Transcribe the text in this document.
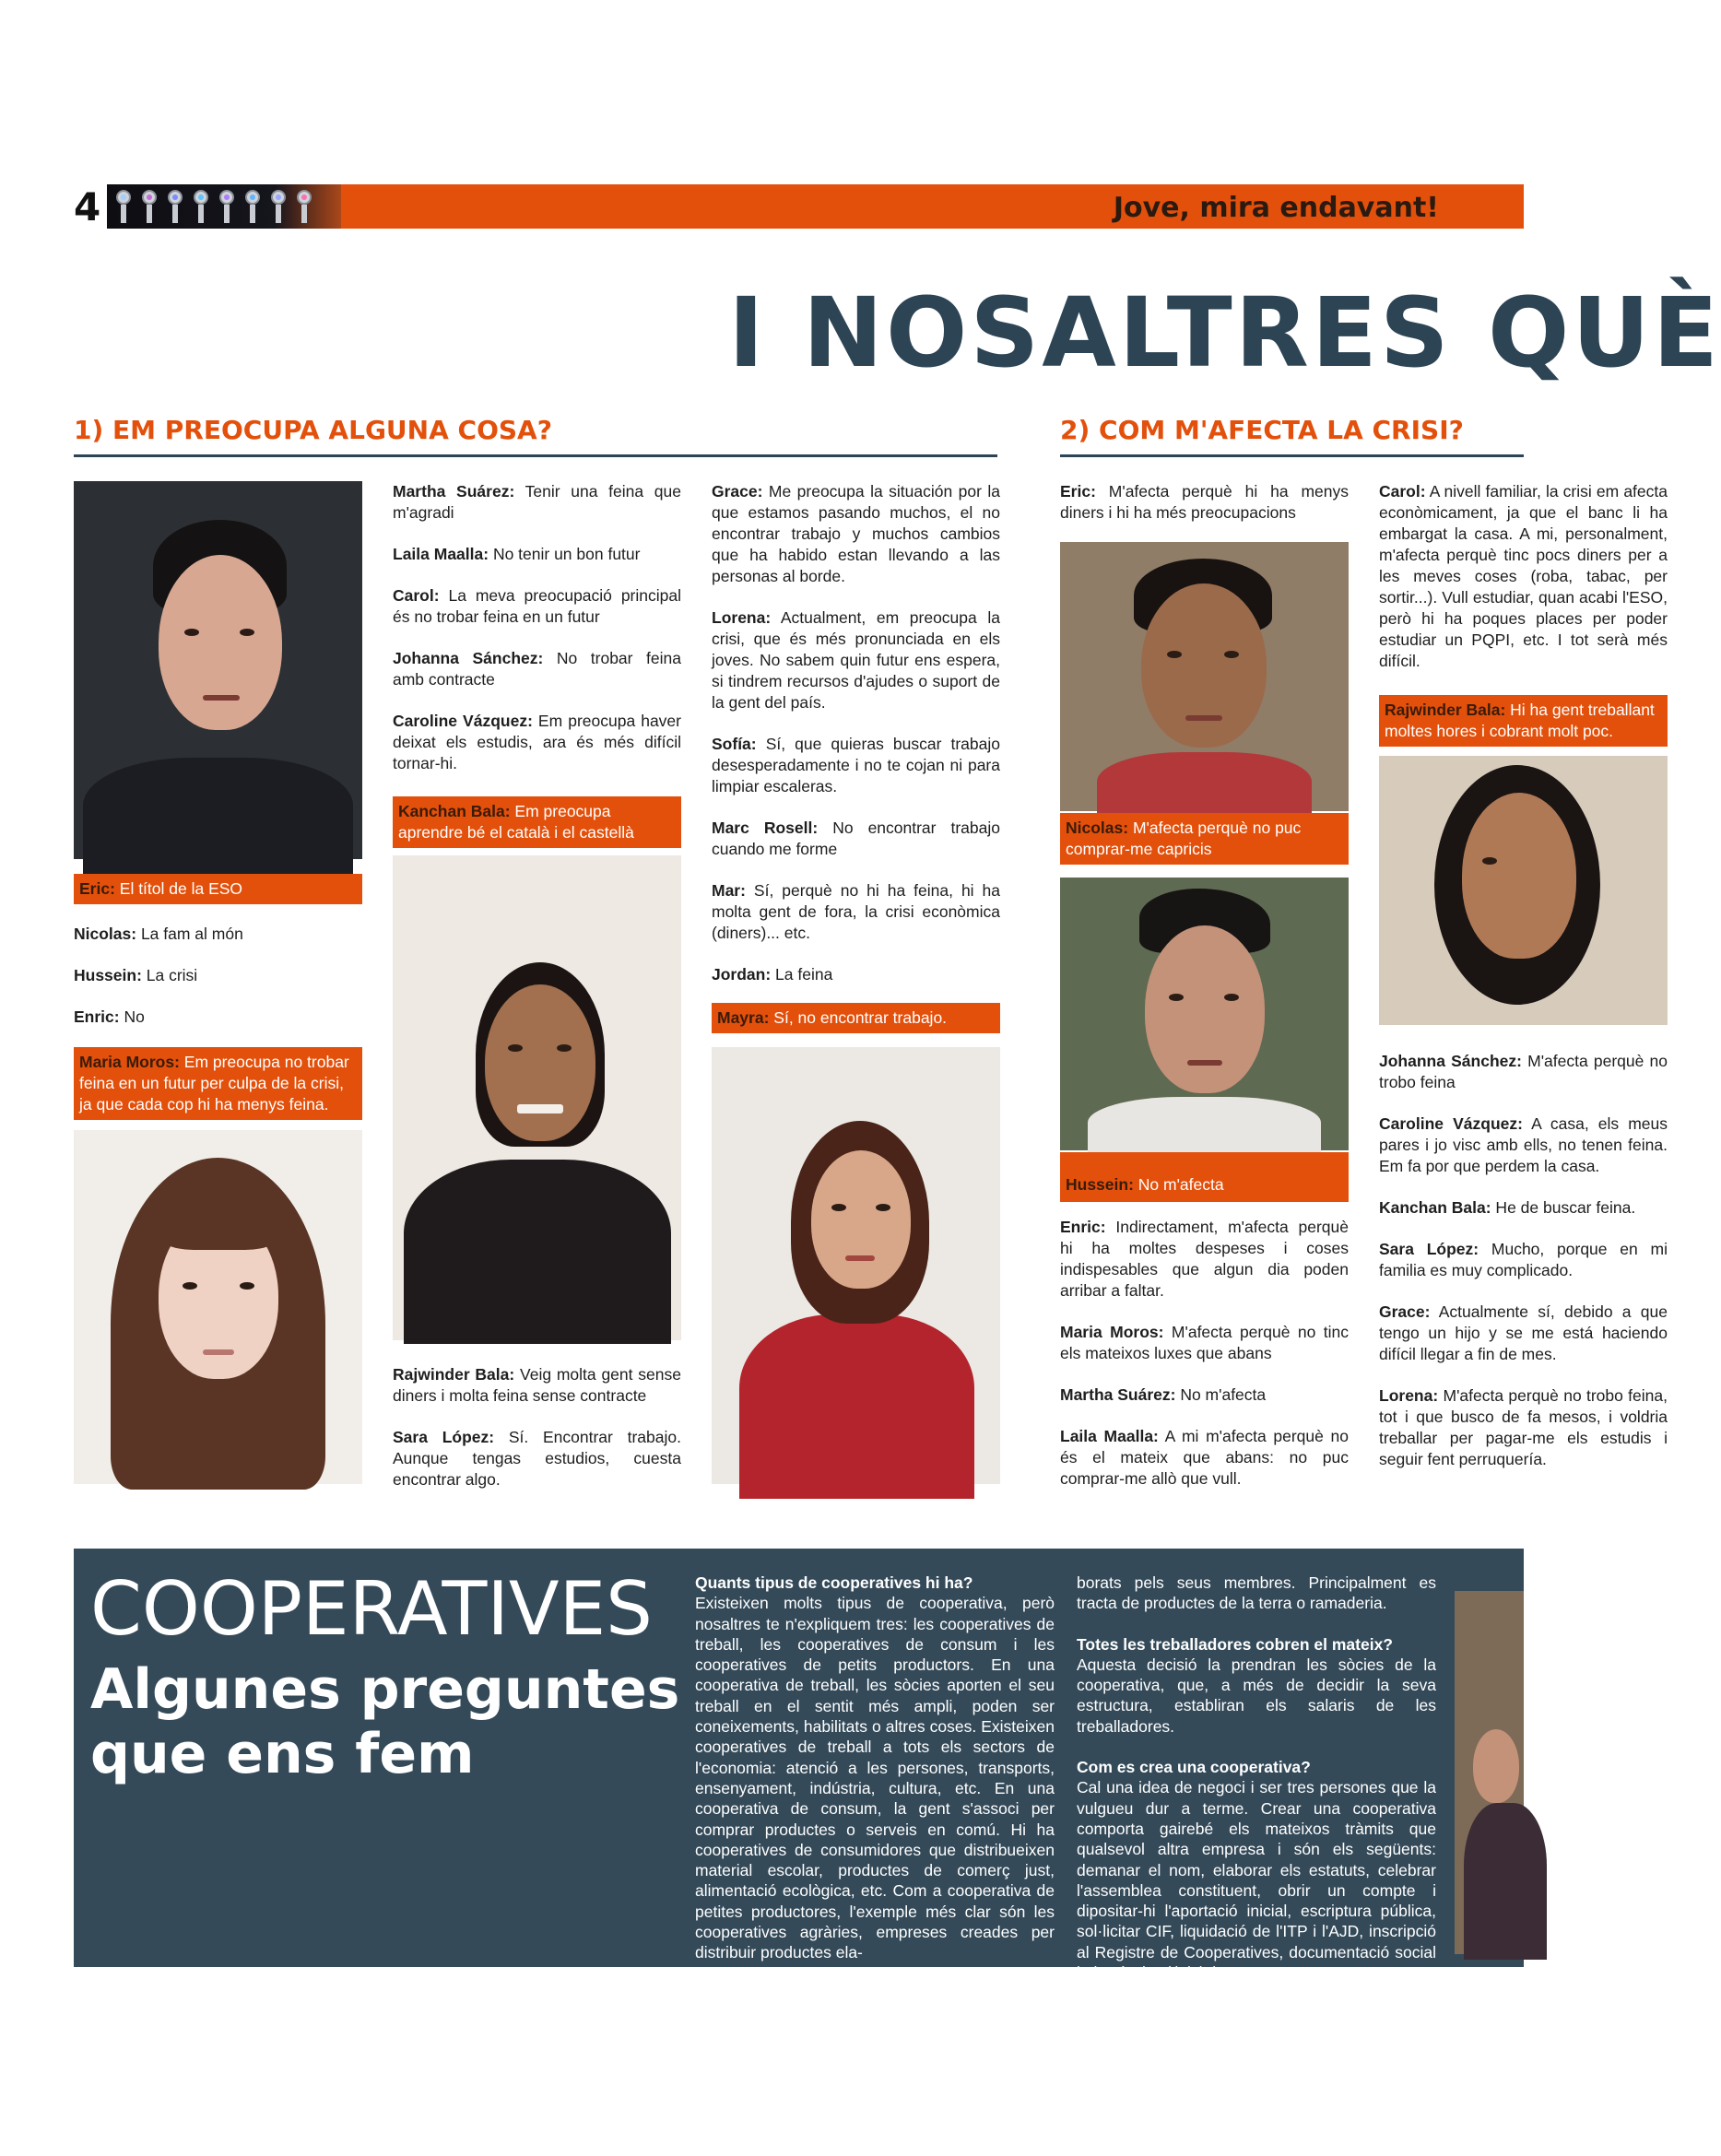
4	Jove, mira endavant!
I NOSALTRES QUÈ
1) EM PREOCUPA ALGUNA COSA?	2) COM M'AFECTA LA CRISI?
Eric: El títol de la ESO

Nicolas: La fam al món

Hussein: La crisi

Enric: No

Maria Moros: Em preocupa no trobar feina en un futur per culpa de la crisi, ja que cada cop hi ha menys feina.

Martha Suárez: Tenir una feina que m'agradi

Laila Maalla: No tenir un bon futur

Carol: La meva preocupació principal és no trobar feina en un futur

Johanna Sánchez: No trobar feina amb contracte

Caroline Vázquez: Em preocupa haver deixat els estudis, ara és més difícil tornar-hi.

Kanchan Bala: Em preocupa aprendre bé el català i el castellà

Rajwinder Bala: Veig molta gent sense diners i molta feina sense contracte

Sara López: Sí. Encontrar trabajo. Aunque tengas estudios, cuesta encontrar algo.

Grace: Me preocupa la situación por la que estamos pasando muchos, el no encontrar trabajo y muchos cambios que ha habido estan llevando a las personas al borde.

Lorena: Actualment, em preocupa la crisi, que és més pronunciada en els joves. No sabem quin futur ens espera, si tindrem recursos d'ajudes o suport de la gent del país.

Sofía: Sí, que quieras buscar trabajo desesperadamente i no te cojan ni para limpiar escaleras.

Marc Rosell: No encontrar trabajo cuando me forme

Mar: Sí, perquè no hi ha feina, hi ha molta gent de fora, la crisi econòmica (diners)... etc.

Jordan: La feina

Mayra: Sí, no encontrar trabajo.

Eric: M'afecta perquè hi ha menys diners i hi ha més preocupacions

Nicolas: M'afecta perquè no puc comprar-me capricis
Hussein: No m'afecta

Enric: Indirectament, m'afecta perquè hi ha moltes despeses i coses indispesables que algun dia poden arribar a faltar.

Maria Moros: M'afecta perquè no tinc els mateixos luxes que abans

Martha Suárez: No m'afecta

Laila Maalla: A mi m'afecta perquè no és el mateix que abans: no puc comprar-me allò que vull.

Carol: A nivell familiar, la crisi em afecta econòmicament, ja que el banc li ha embargat la casa. A mi, personalment, m'afecta perquè tinc pocs diners per a les meves coses (roba, tabac, per sortir...). Vull estudiar, quan acabi l'ESO, però hi ha poques places per poder estudiar un PQPI, etc. I tot serà més difícil.

Rajwinder Bala: Hi ha gent treballant moltes hores i cobrant molt poc.

Johanna Sánchez: M'afecta perquè no trobo feina

Caroline Vázquez: A casa, els meus pares i jo visc amb ells, no tenen feina. Em fa por que perdem la casa.

Kanchan Bala: He de buscar feina.

Sara López: Mucho, porque en mi familia es muy complicado.

Grace: Actualmente sí, debido a que tengo un hijo y se me está haciendo difícil llegar a fin de mes.

Lorena: M'afecta perquè no trobo feina, tot i que busco de fa mesos, i voldria treballar per pagar-me els estudis i seguir fent perruquería.

COOPERATIVES
Algunes preguntes que ens fem
Quants tipus de cooperatives hi ha?

Existeixen molts tipus de cooperativa, però nosaltres te n'expliquem tres: les cooperatives de treball, les cooperatives de consum i les cooperatives de petits productors. En una cooperativa de treball, les sòcies aporten el seu treball en el sentit més ampli, poden ser coneixements, habilitats o altres coses. Existeixen cooperatives de treball a tots els sectors de l'economia: atenció a les persones, transports, ensenyament, indústria, cultura, etc. En una cooperativa de consum, la gent s'associ per comprar productes o serveis en comú. Hi ha cooperatives de consumidores que distribueixen material escolar, productes de comerç just, alimentació ecològica, etc. Com a cooperativa de petites productores, l'exemple més clar són les cooperatives agràries, empreses creades per distribuir productes ela-

borats pels seus membres. Principalment es tracta de productes de la terra o ramaderia.

Totes les treballadores cobren el mateix?

Aquesta decisió la prendran les sòcies de la cooperativa, que, a més de decidir la seva estructura, establiran els salaris de les treballadores.

Com es crea una cooperativa?

Cal una idea de negoci i ser tres persones que la vulgueu dur a terme. Crear una cooperativa comporta gairebé els mateixos tràmits que qualsevol altra empresa i són els següents: demanar el nom, elaborar els estatuts, celebrar l'assemblea constituent, obrir un compte i dipositar-hi l'aportació inicial, escriptura pública, sol·licitar CIF, liquidació de l'ITP i l'AJD, inscripció al Registre de Cooperatives, documentació social i els tràmits d'inici de
